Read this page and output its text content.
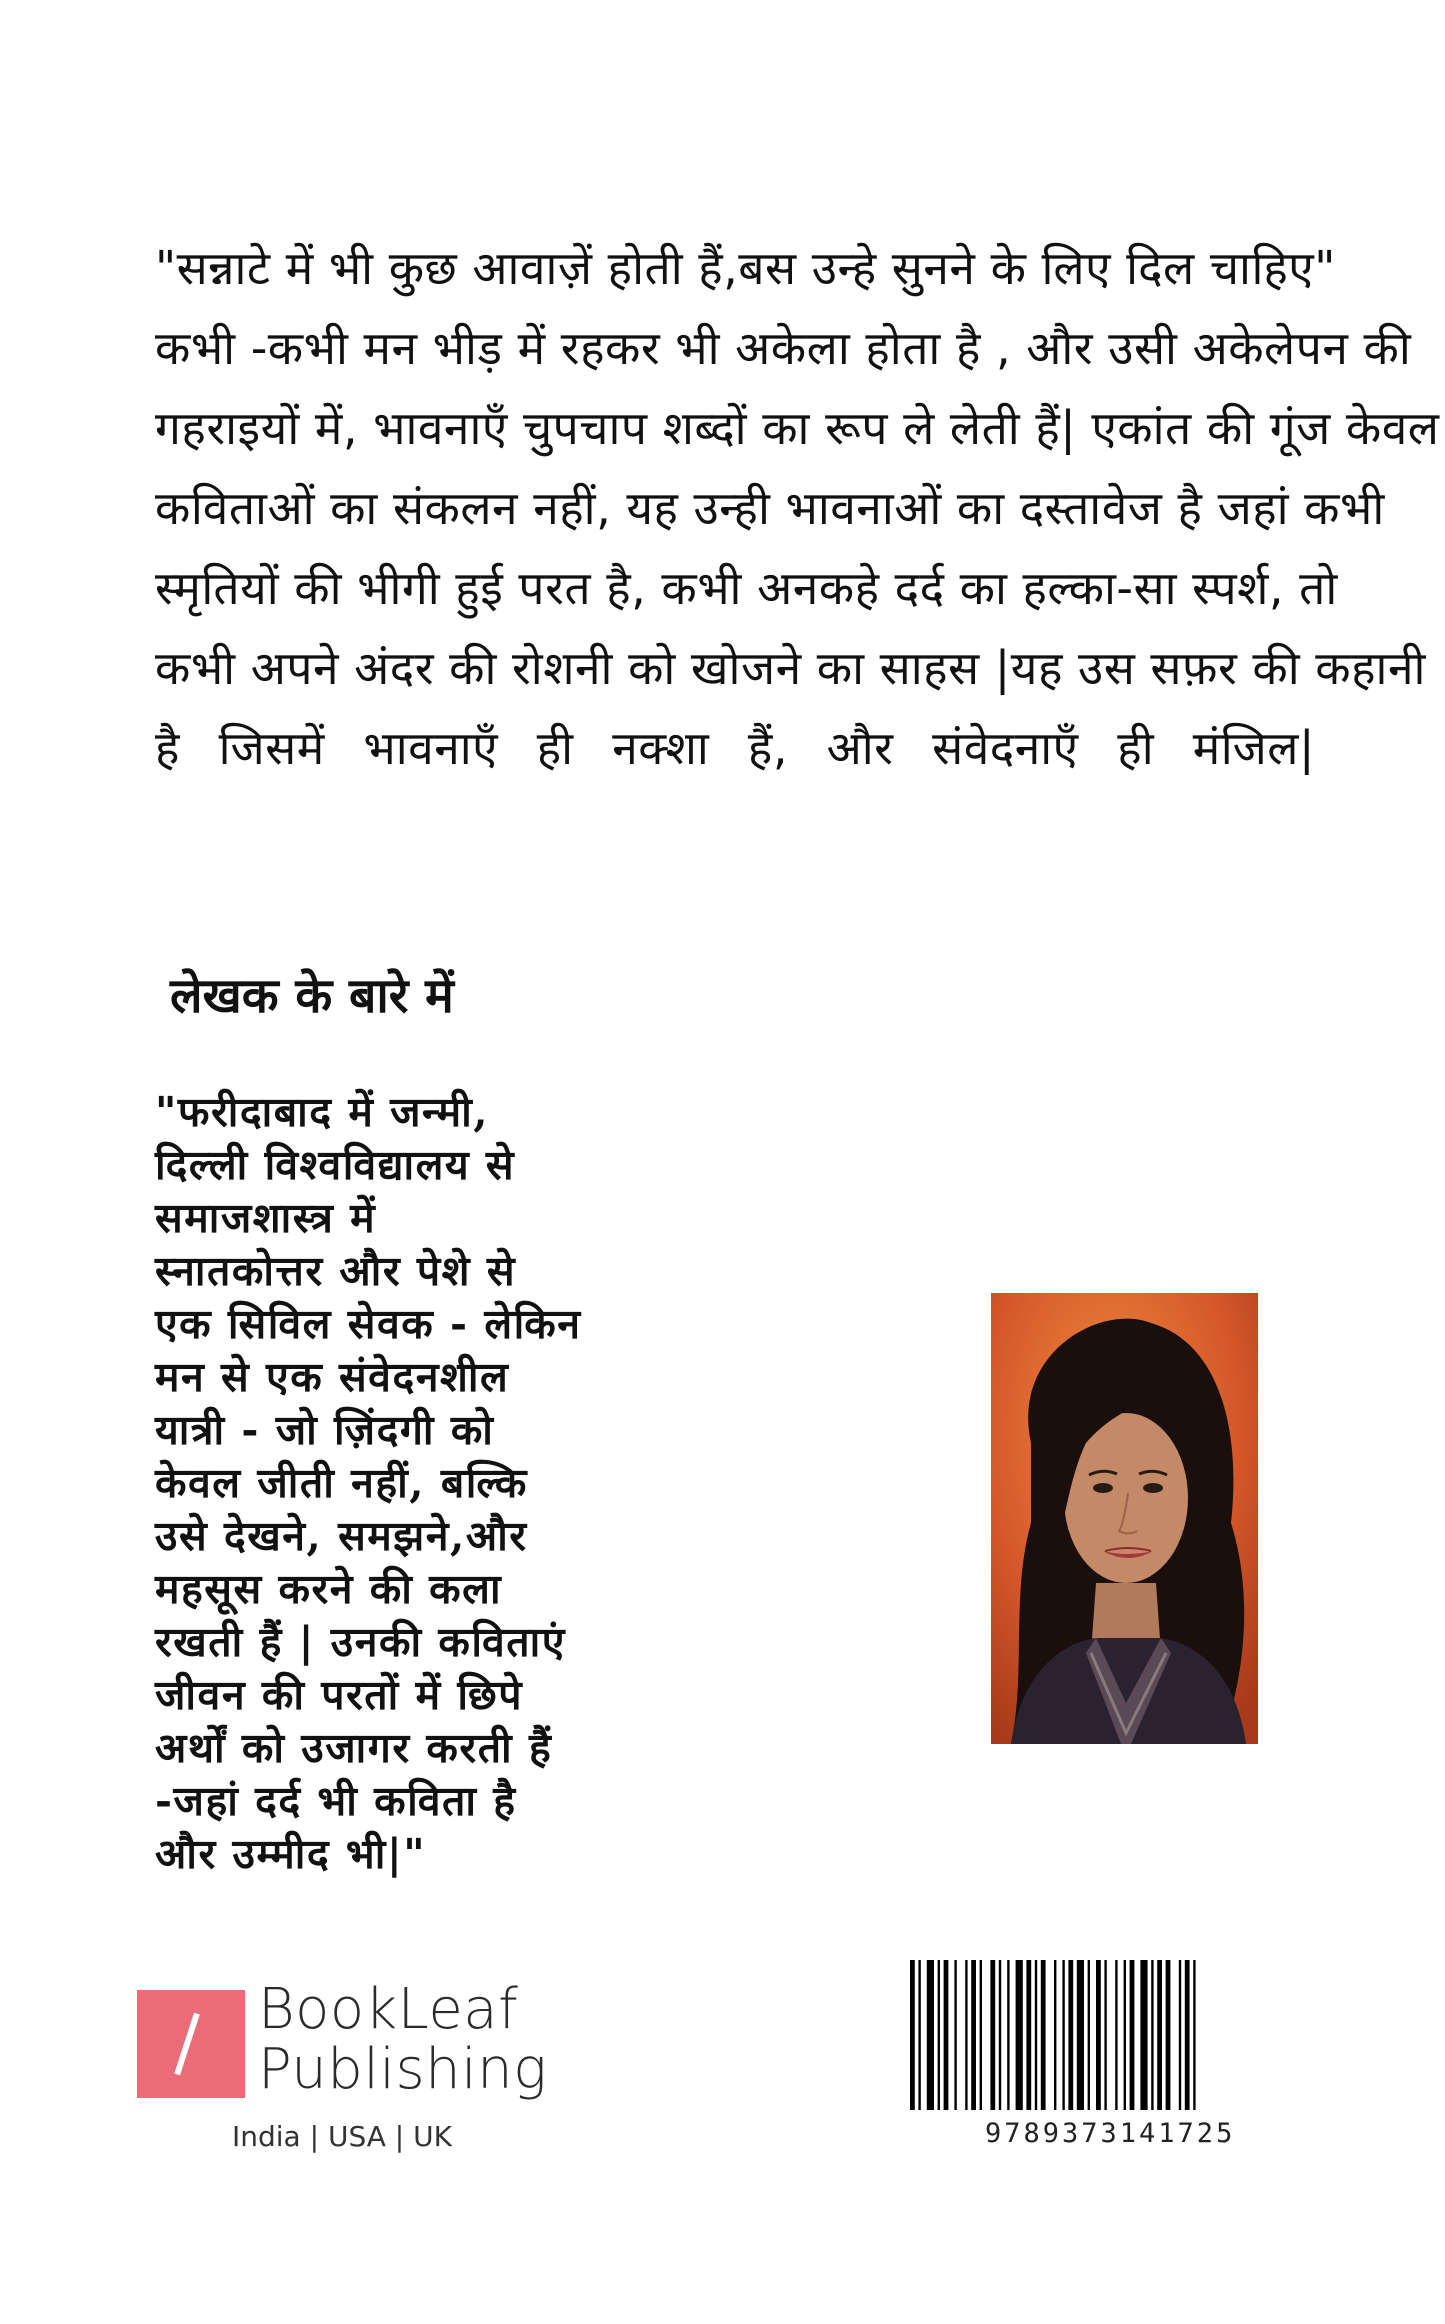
"सन्नाटे में भी कुछ आवाज़ें होती हैं,बस उन्हे सुनने के लिए दिल चाहिए"
कभी -कभी मन भीड़ में रहकर भी अकेला होता है , और उसी अकेलेपन की
गहराइयों में, भावनाएँ चुपचाप शब्दों का रूप ले लेती हैं| एकांत की गूंज केवल
कविताओं का संकलन नहीं, यह उन्ही भावनाओं का दस्तावेज है जहां कभी
स्मृतियों की भीगी हुई परत है, कभी अनकहे दर्द का हल्का-सा स्पर्श, तो
कभी अपने अंदर की रोशनी को खोजने का साहस |यह उस सफ़र की कहानी
है जिसमें भावनाएँ ही नक्शा हैं, और संवेदनाएँ ही मंजिल|
लेखक के बारे में
"फरीदाबाद में जन्मी,
दिल्ली विश्वविद्यालय से
समाजशास्त्र में
स्नातकोत्तर और पेशे से
एक सिविल सेवक - लेकिन
मन से एक संवेदनशील
यात्री - जो ज़िंदगी को
केवल जीती नहीं, बल्कि
उसे देखने, समझने,और
महसूस करने की कला
रखती हैं | उनकी कविताएं
जीवन की परतों में छिपे
अर्थों को उजागर करती हैं
-जहां दर्द भी कविता है
और उम्मीद भी|"
BookLeaf
Publishing
India | USA | UK	9789373141725
